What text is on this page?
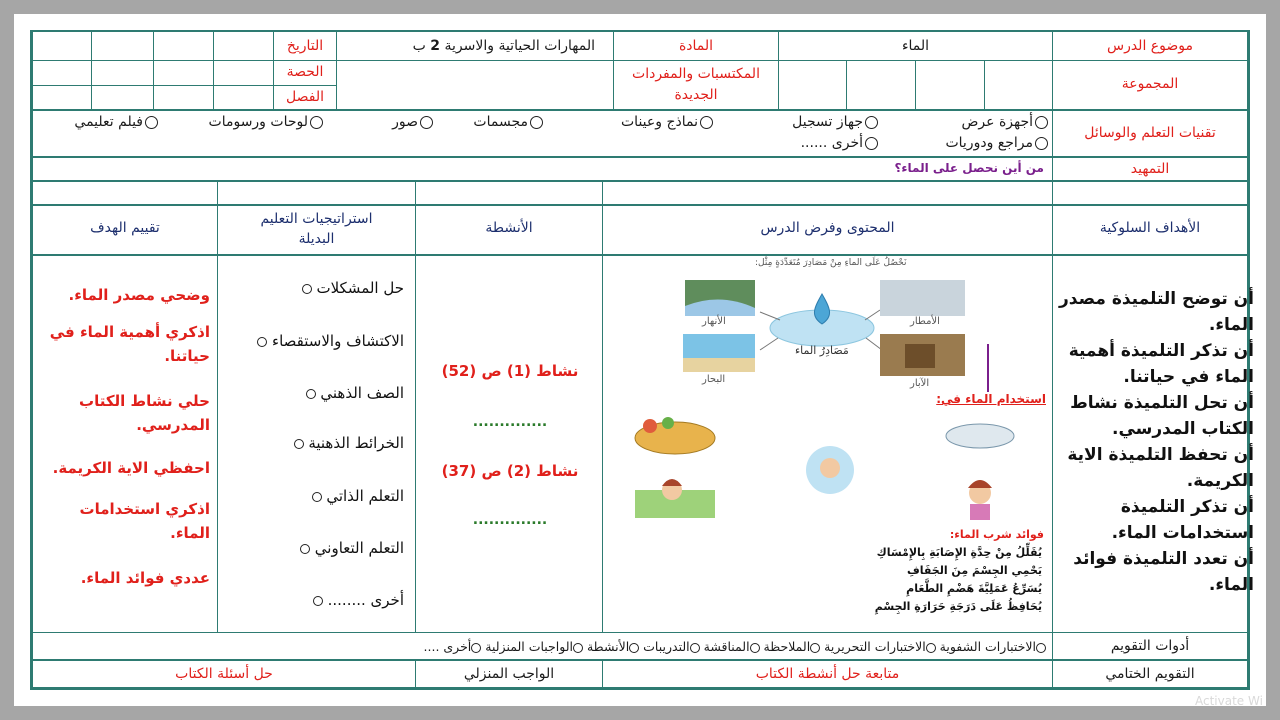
موضوع الدرس
الماء
المادة
المهارات الحياتية والاسرية 2 ب
التاريخ
المجموعة
المكتسبات والمفردات الجديدة
الحصة
الفصل
تقنيات التعلم والوسائل
أجهزة عرض
جهاز تسجيل
نماذج وعينات
مجسمات
صور
لوحات ورسومات
فيلم تعليمي
مراجع ودوريات
أخرى ......
التمهيد
من أين نحصل على الماء؟
الأهداف السلوكية
المحتوى وفرض الدرس
الأنشطة
استراتيجيات التعليم البديلة
تقييم الهدف
أن توضح التلميذة مصدر الماء.
أن تذكر التلميذة أهمية الماء في حياتنا.
أن تحل التلميذة نشاط الكتاب المدرسي.
أن تحفظ التلميذة الاية الكريمة.
أن تذكر التلميذة استخدامات الماء.
أن تعدد التلميذة فوائد الماء.
نَحْصُلُ عَلَى الماءِ مِنْ مَصَادِرَ مُتَعَدِّدَةٍ مِثْل:
الأنهار	الأمطار
البحار	الآبار
مَصَادِرُ الماء
استخدام الماء في:
فوائد شرب الماء:
يُقَلِّلُ مِنْ حِدَّةِ الإِصَابَةِ بِالإِمْسَاكِ
يَحْمِي الجِسْمَ مِنَ الجَفَافِ
يُسَرِّعُ عَمَلِيَّةَ هَضْمِ الطَّعَامِ
يُحَافِظُ عَلَى دَرَجَةِ حَرَارَةِ الجِسْمِ
نشاط (1) ص (52)
..............
نشاط (2) ص (37)
..............
حل المشكلات
الاكتشاف والاستقصاء
الصف الذهني
الخرائط الذهنية
التعلم الذاتي
التعلم التعاوني
أخرى ........
وضحي مصدر الماء.
اذكري أهمية الماء في حياتنا.
حلي نشاط الكتاب المدرسي.
احفظي الاية الكريمة.
اذكري استخدامات الماء.
عددي فوائد الماء.
أدوات التقويم
الاختبارات الشفوية الاختبارات التحريرية الملاحظة المناقشة التدريبات الأنشطة الواجبات المنزلية أخرى ....
التقويم الختامي
متابعة حل أنشطة الكتاب
الواجب المنزلي
حل أسئلة الكتاب
Activate Wi
